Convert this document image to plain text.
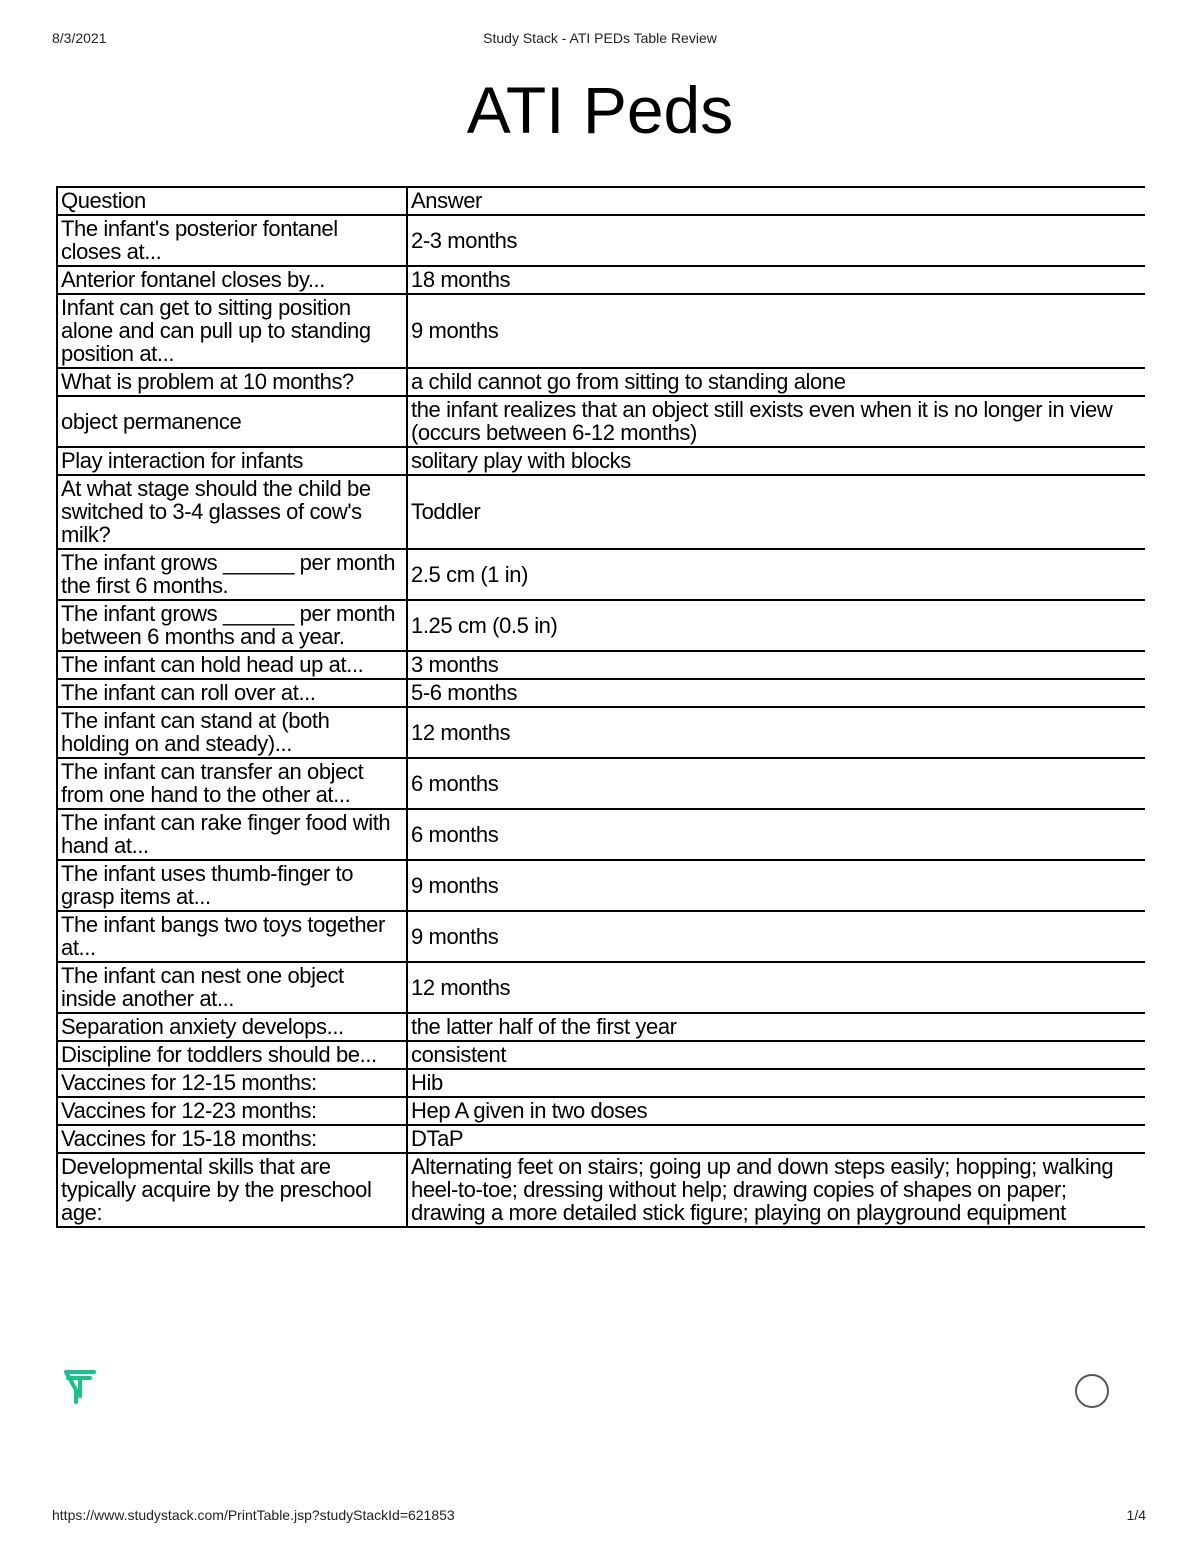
8/3/2021	Study Stack - ATI PEDs Table Review
ATI Peds
Question	Answer
The infant's posterior fontanel closes at...	2-3 months
Anterior fontanel closes by...	18 months
Infant can get to sitting position alone and can pull up to standing position at...	9 months
What is problem at 10 months?	a child cannot go from sitting to standing alone
object permanence	the infant realizes that an object still exists even when it is no longer in view (occurs between 6-12 months)
Play interaction for infants	solitary play with blocks
At what stage should the child be switched to 3-4 glasses of cow's milk?	Toddler
The infant grows ______ per month the first 6 months.	2.5 cm (1 in)
The infant grows ______ per month between 6 months and a year.	1.25 cm (0.5 in)
The infant can hold head up at...	3 months
The infant can roll over at...	5-6 months
The infant can stand at (both holding on and steady)...	12 months
The infant can transfer an object from one hand to the other at...	6 months
The infant can rake finger food with hand at...	6 months
The infant uses thumb-finger to grasp items at...	9 months
The infant bangs two toys together at...	9 months
The infant can nest one object inside another at...	12 months
Separation anxiety develops...	the latter half of the first year
Discipline for toddlers should be...	consistent
Vaccines for 12-15 months:	Hib
Vaccines for 12-23 months:	Hep A given in two doses
Vaccines for 15-18 months:	DTaP
Developmental skills that are typically acquire by the preschool age:	Alternating feet on stairs; going up and down steps easily; hopping; walking heel-to-toe; dressing without help; drawing copies of shapes on paper; drawing a more detailed stick figure; playing on playground equipment
https://www.studystack.com/PrintTable.jsp?studyStackId=621853	1/4
